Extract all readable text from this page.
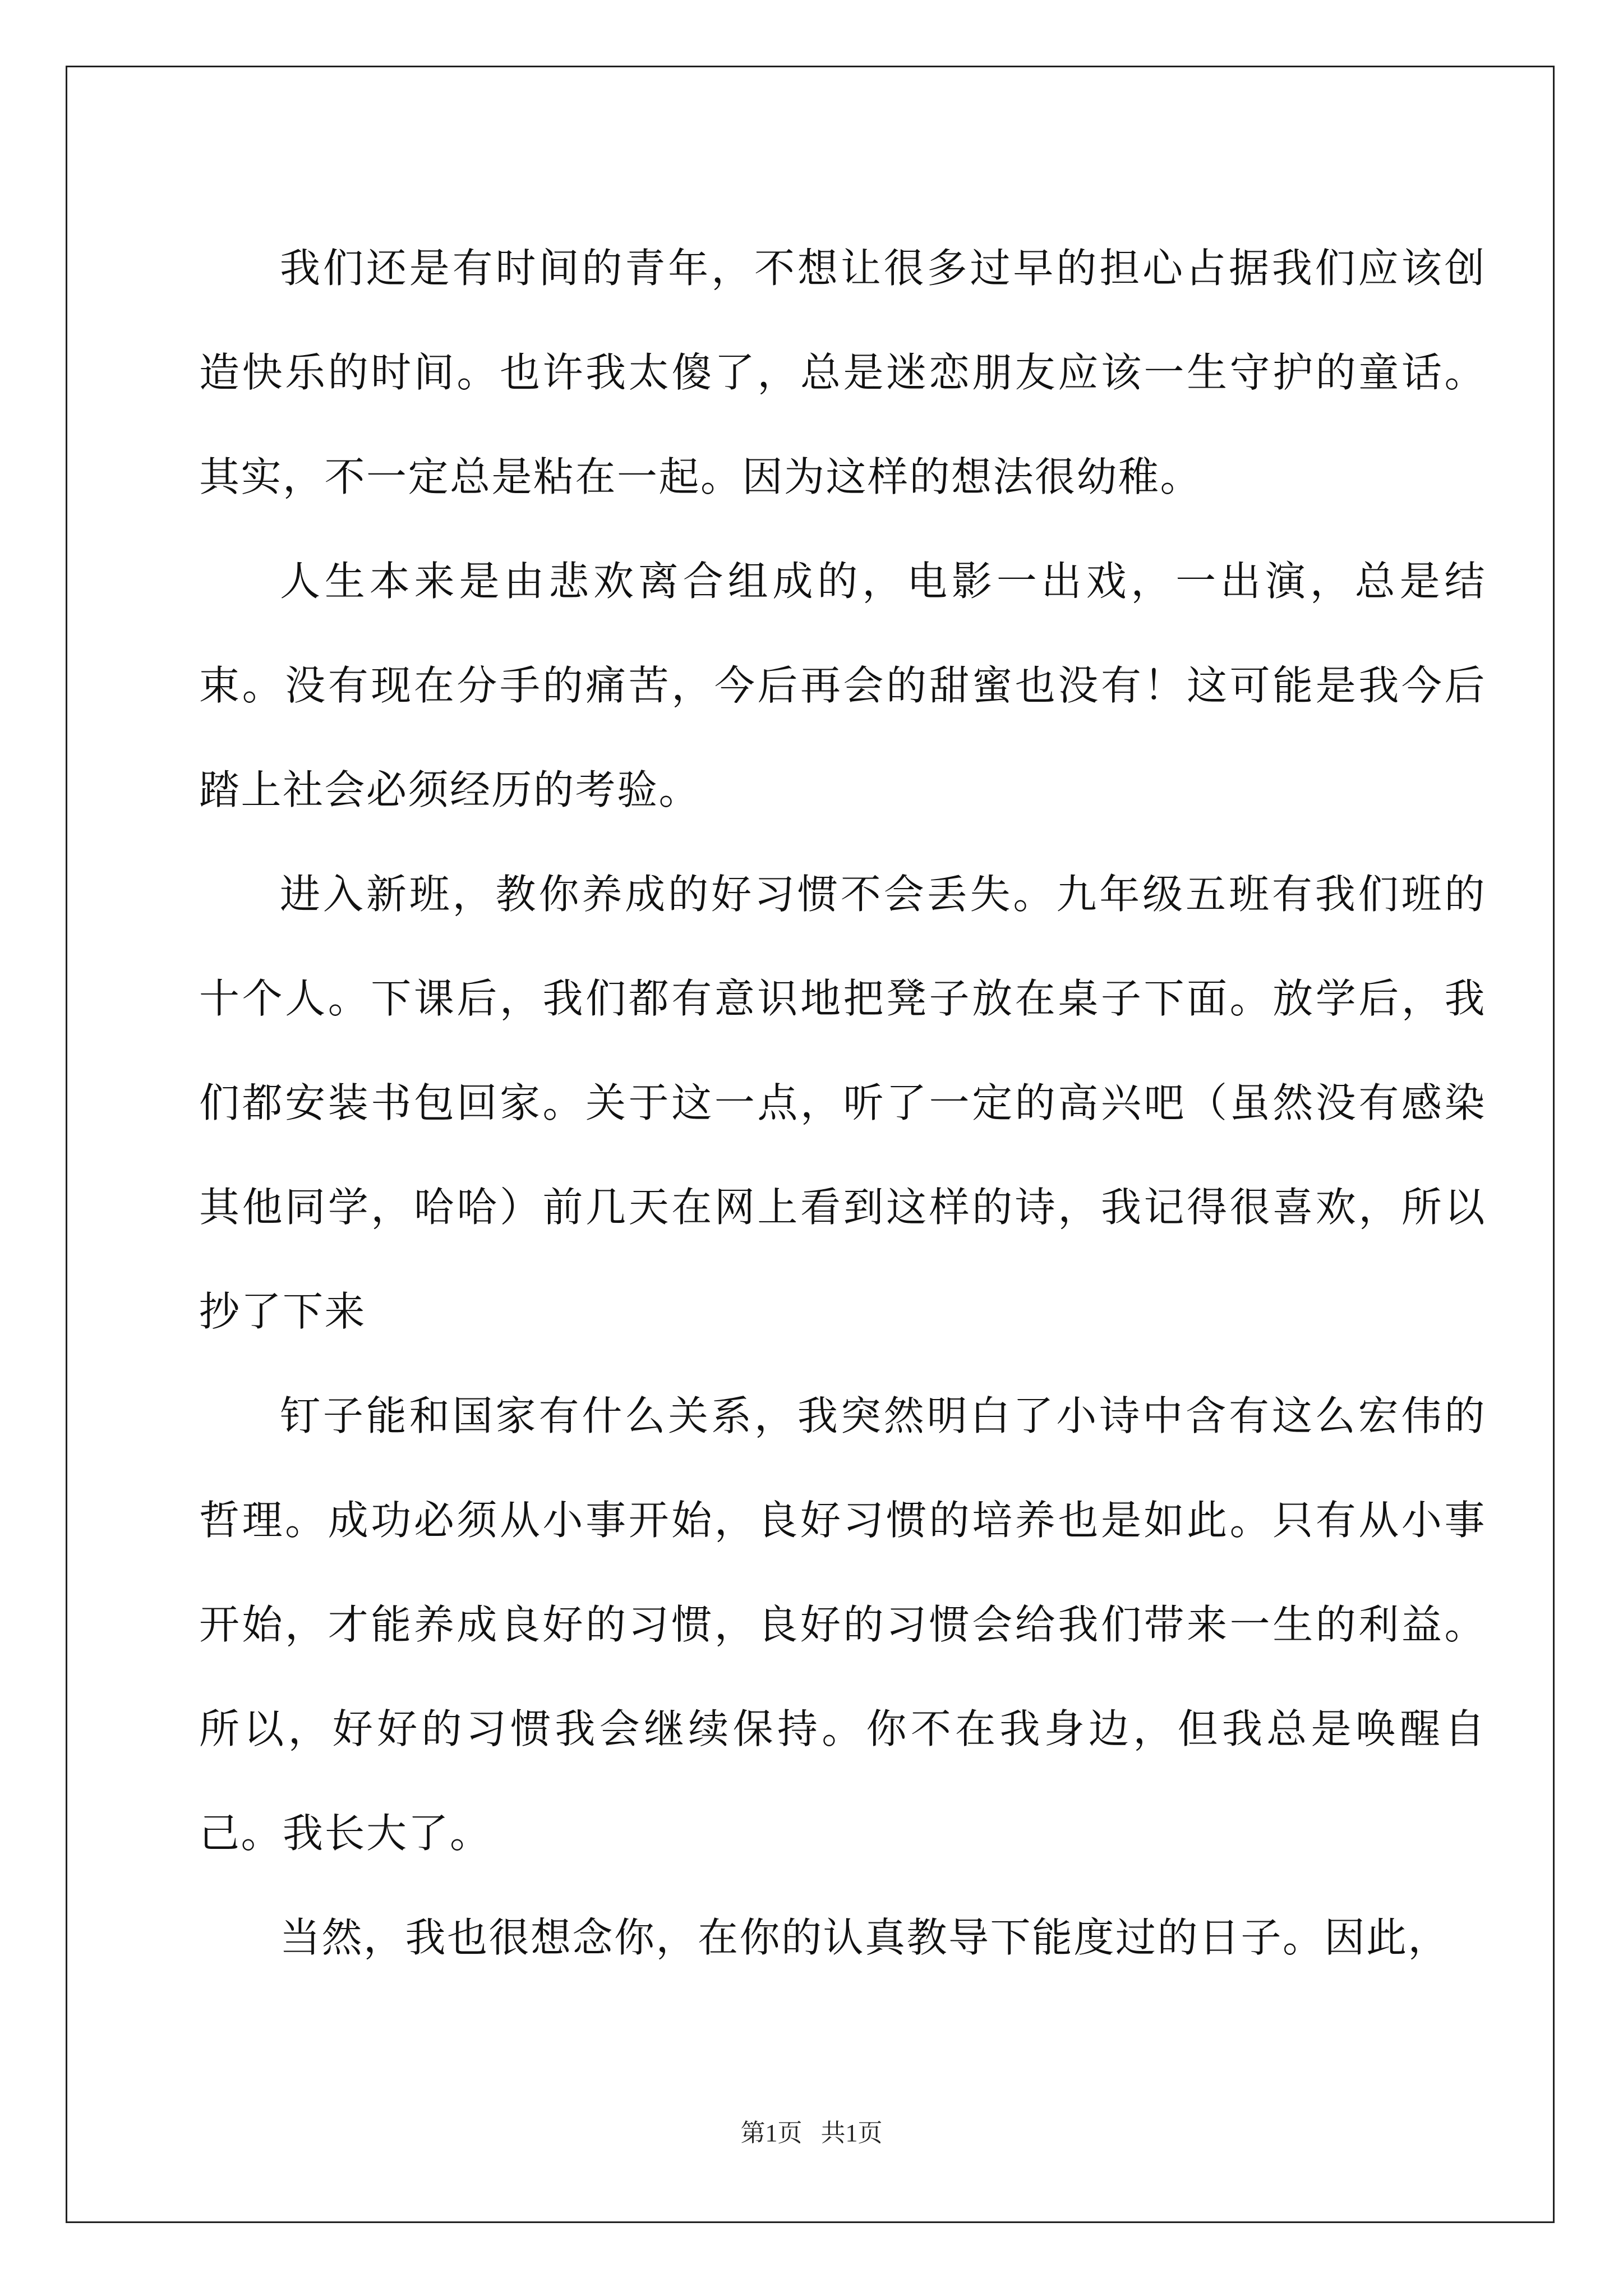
我们还是有时间的青年，不想让很多过早的担心占据我们应该创造快乐的时间。也许我太傻了，总是迷恋朋友应该一生守护的童话。其实，不一定总是粘在一起。因为这样的想法很幼稚。

人生本来是由悲欢离合组成的，电影一出戏，一出演，总是结束。没有现在分手的痛苦，今后再会的甜蜜也没有！这可能是我今后踏上社会必须经历的考验。

进入新班，教你养成的好习惯不会丢失。九年级五班有我们班的十个人。下课后，我们都有意识地把凳子放在桌子下面。放学后，我们都安装书包回家。关于这一点，听了一定的高兴吧（虽然没有感染其他同学，哈哈）前几天在网上看到这样的诗，我记得很喜欢，所以抄了下来

钉子能和国家有什么关系，我突然明白了小诗中含有这么宏伟的哲理。成功必须从小事开始，良好习惯的培养也是如此。只有从小事开始，才能养成良好的习惯，良好的习惯会给我们带来一生的利益。所以，好好的习惯我会继续保持。你不在我身边，但我总是唤醒自己。我长大了。

当然，我也很想念你，在你的认真教导下能度过的日子。因此，

第1页   共1页
